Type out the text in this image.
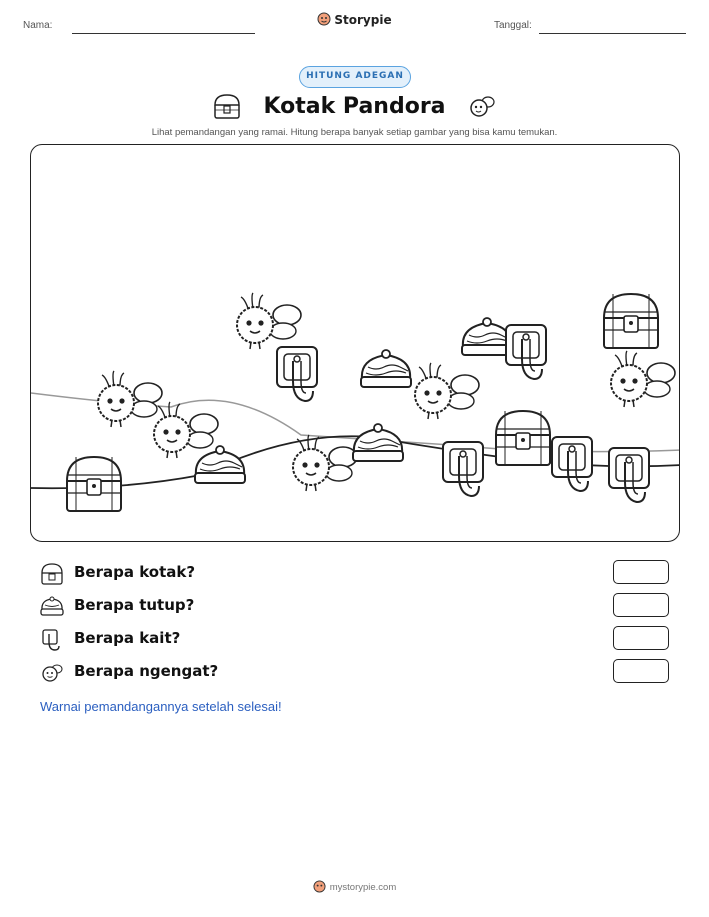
Nama:	Storypie	Tanggal:
HITUNG ADEGAN
Kotak Pandora
Lihat pemandangan yang ramai. Hitung berapa banyak setiap gambar yang bisa kamu temukan.
Berapa kotak?
Berapa tutup?
Berapa kait?
Berapa ngengat?
Warnai pemandangannya setelah selesai!
mystorypie.com
